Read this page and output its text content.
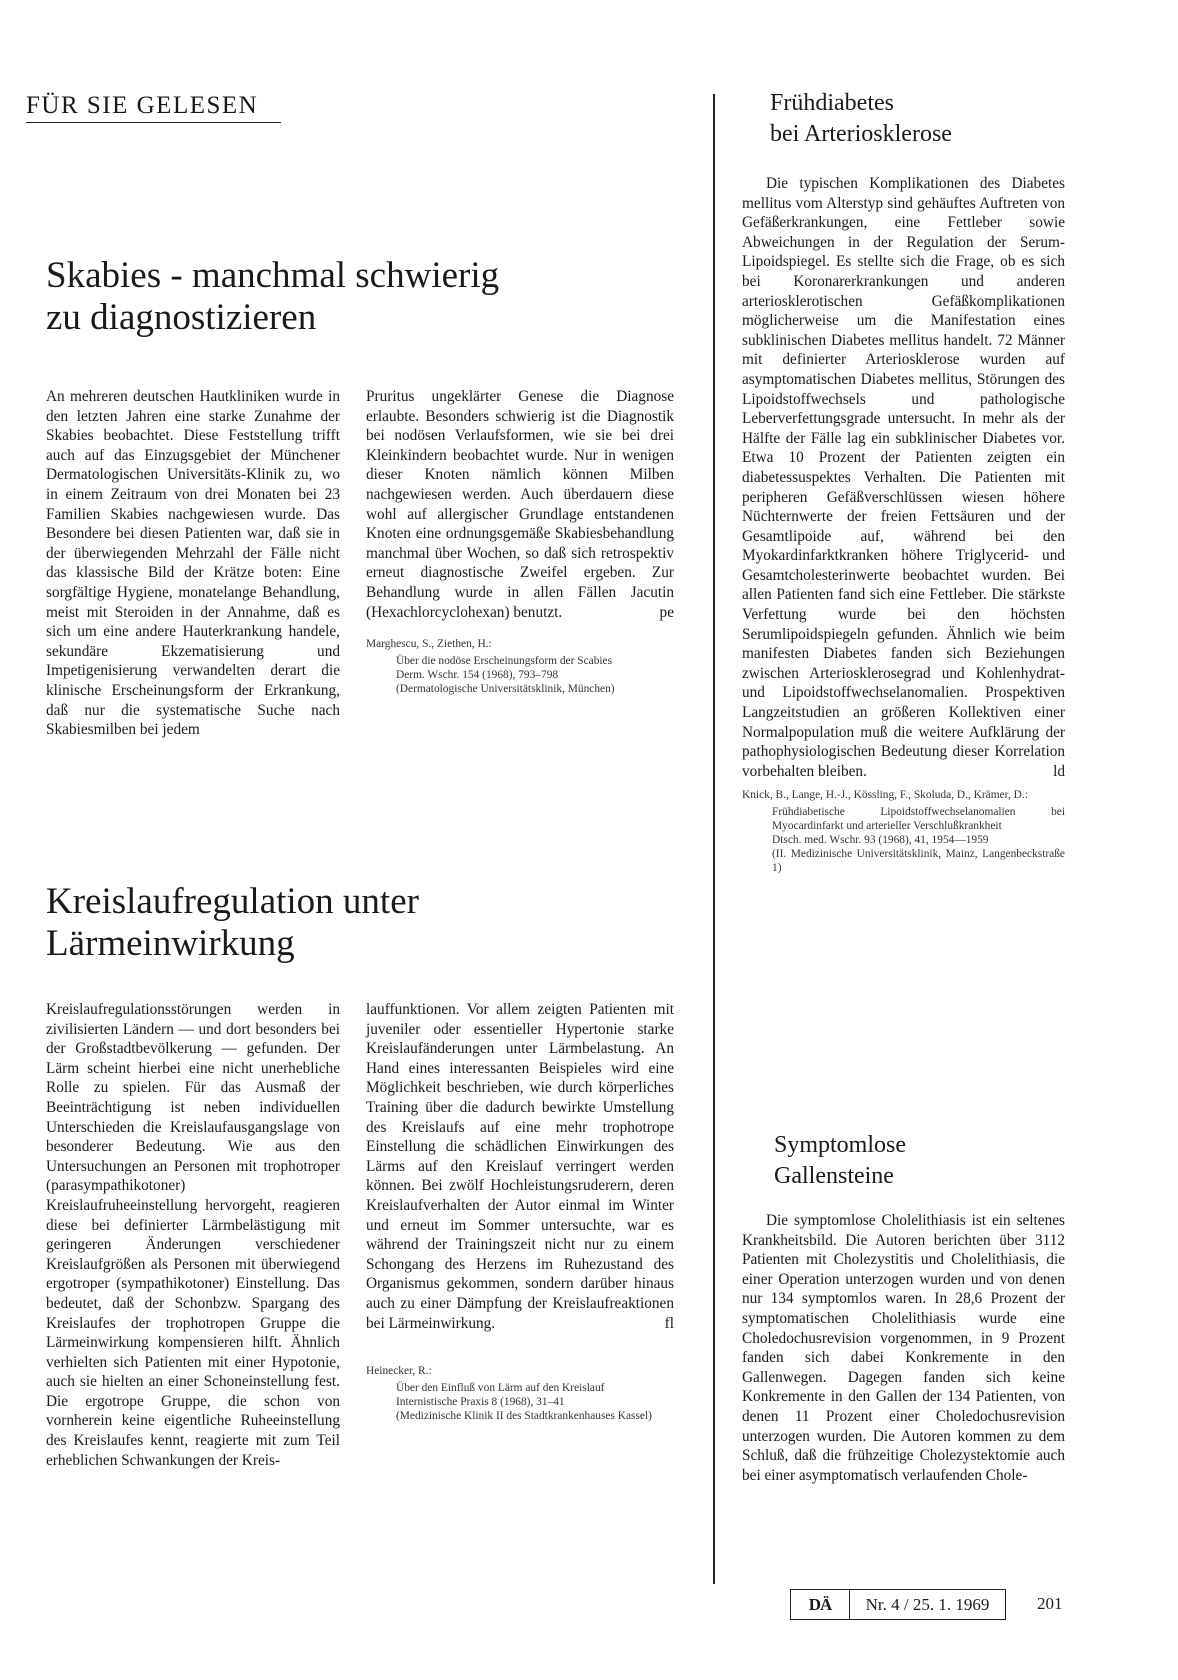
FÜR SIE GELESEN
Skabies - manchmal schwierig
zu diagnostizieren

An mehreren deutschen Hautkliniken wurde in den letzten Jahren eine starke Zunahme der Skabies beobachtet. Diese Feststellung trifft auch auf das Einzugsgebiet der Münchener Dermatologischen Universitäts-Klinik zu, wo in einem Zeitraum von drei Monaten bei 23 Familien Skabies nachgewiesen wurde. Das Besondere bei diesen Patienten war, daß sie in der überwiegenden Mehrzahl der Fälle nicht das klassische Bild der Krätze boten: Eine sorgfältige Hygiene, monatelange Behandlung, meist mit Steroiden in der Annahme, daß es sich um eine andere Hauterkrankung handele, sekundäre Ekzematisierung und Impetigenisierung verwandelten derart die klinische Erscheinungsform der Erkrankung, daß nur die systematische Suche nach Skabiesmilben bei jedem

Pruritus ungeklärter Genese die Diagnose erlaubte. Besonders schwierig ist die Diagnostik bei nodösen Verlaufsformen, wie sie bei drei Kleinkindern beobachtet wurde. Nur in wenigen dieser Knoten nämlich können Milben nachgewiesen werden. Auch überdauern diese wohl auf allergischer Grundlage entstandenen Knoten eine ordnungsgemäße Skabiesbehandlung manchmal über Wochen, so daß sich retrospektiv erneut diagnostische Zweifel ergeben. Zur Behandlung wurde in allen Fällen Jacutin (Hexachlorcyclohexan) benutzt.	pe
Marghescu, S., Ziethen, H.:
Über die nodöse Erscheinungsform der Scabies
Derm. Wschr. 154 (1968), 793–798
(Dermatologische Universitätsklinik, München)
Kreislaufregulation unter
Lärmeinwirkung

Kreislaufregulationsstörungen werden in zivilisierten Ländern — und dort besonders bei der Großstadtbevölkerung — gefunden. Der Lärm scheint hierbei eine nicht unerhebliche Rolle zu spielen. Für das Ausmaß der Beeinträchtigung ist neben individuellen Unterschieden die Kreislaufausgangslage von besonderer Bedeutung. Wie aus den Untersuchungen an Personen mit trophotroper (parasympathikotoner) Kreislaufruheeinstellung hervorgeht, reagieren diese bei definierter Lärmbelästigung mit geringeren Änderungen verschiedener Kreislaufgrößen als Personen mit überwiegend ergotroper (sympathikotoner) Einstellung. Das bedeutet, daß der Schonbzw. Spargang des Kreislaufes der trophotropen Gruppe die Lärmeinwirkung kompensieren hilft. Ähnlich verhielten sich Patienten mit einer Hypotonie, auch sie hielten an einer Schoneinstellung fest. Die ergotrope Gruppe, die schon von vornherein keine eigentliche Ruheeinstellung des Kreislaufes kennt, reagierte mit zum Teil erheblichen Schwankungen der Kreis-

lauffunktionen. Vor allem zeigten Patienten mit juveniler oder essentieller Hypertonie starke Kreislaufänderungen unter Lärmbelastung. An Hand eines interessanten Beispieles wird eine Möglichkeit beschrieben, wie durch körperliches Training über die dadurch bewirkte Umstellung des Kreislaufs auf eine mehr trophotrope Einstellung die schädlichen Einwirkungen des Lärms auf den Kreislauf verringert werden können. Bei zwölf Hochleistungsruderern, deren Kreislaufverhalten der Autor einmal im Winter und erneut im Sommer untersuchte, war es während der Trainingszeit nicht nur zu einem Schongang des Herzens im Ruhezustand des Organismus gekommen, sondern darüber hinaus auch zu einer Dämpfung der Kreislaufreaktionen bei Lärmeinwirkung.	fl
Heinecker, R.:
Über den Einfluß von Lärm auf den Kreislauf
Internistische Praxis 8 (1968), 31–41
(Medizinische Klinik II des Stadtkrankenhauses Kassel)
Frühdiabetes
bei Arteriosklerose

Die typischen Komplikationen des Diabetes mellitus vom Alterstyp sind gehäuftes Auftreten von Gefäßerkrankungen, eine Fettleber sowie Abweichungen in der Regulation der Serum-Lipoidspiegel. Es stellte sich die Frage, ob es sich bei Koronarerkrankungen und anderen arteriosklerotischen Gefäßkomplikationen möglicherweise um die Manifestation eines subklinischen Diabetes mellitus handelt. 72 Männer mit definierter Arteriosklerose wurden auf asymptomatischen Diabetes mellitus, Störungen des Lipoidstoffwechsels und pathologische Leberverfettungsgrade untersucht. In mehr als der Hälfte der Fälle lag ein subklinischer Diabetes vor. Etwa 10 Prozent der Patienten zeigten ein diabetessuspektes Verhalten. Die Patienten mit peripheren Gefäßverschlüssen wiesen höhere Nüchternwerte der freien Fettsäuren und der Gesamtlipoide auf, während bei den Myokardinfarktkranken höhere Triglycerid- und Gesamtcholesterinwerte beobachtet wurden. Bei allen Patienten fand sich eine Fettleber. Die stärkste Verfettung wurde bei den höchsten Serumlipoidspiegeln gefunden. Ähnlich wie beim manifesten Diabetes fanden sich Beziehungen zwischen Arteriosklerosegrad und Kohlenhydrat- und Lipoidstoffwechselanomalien. Prospektiven Langzeitstudien an größeren Kollektiven einer Normalpopulation muß die weitere Aufklärung der pathophysiologischen Bedeutung dieser Korrelation vorbehalten bleiben.	ld
Knick, B., Lange, H.-J., Kössling, F., Skoluda, D., Krämer, D.:
Frühdiabetische Lipoidstoffwechselanomalien bei Myocardinfarkt und arterieller Verschlußkrankheit
Dtsch. med. Wschr. 93 (1968), 41, 1954—1959
(II. Medizinische Universitätsklinik, Mainz, Langenbeckstraße 1)
Symptomlose
Gallensteine

Die symptomlose Cholelithiasis ist ein seltenes Krankheitsbild. Die Autoren berichten über 3112 Patienten mit Cholezystitis und Cholelithiasis, die einer Operation unterzogen wurden und von denen nur 134 symptomlos waren. In 28,6 Prozent der symptomatischen Cholelithiasis wurde eine Choledochusrevision vorgenommen, in 9 Prozent fanden sich dabei Konkremente in den Gallenwegen. Dagegen fanden sich keine Konkremente in den Gallen der 134 Patienten, von denen 11 Prozent einer Choledochusrevision unterzogen wurden. Die Autoren kommen zu dem Schluß, daß die frühzeitige Cholezystektomie auch bei einer asymptomatisch verlaufenden Chole-

DÄ	Nr. 4 / 25. 1. 1969	201
